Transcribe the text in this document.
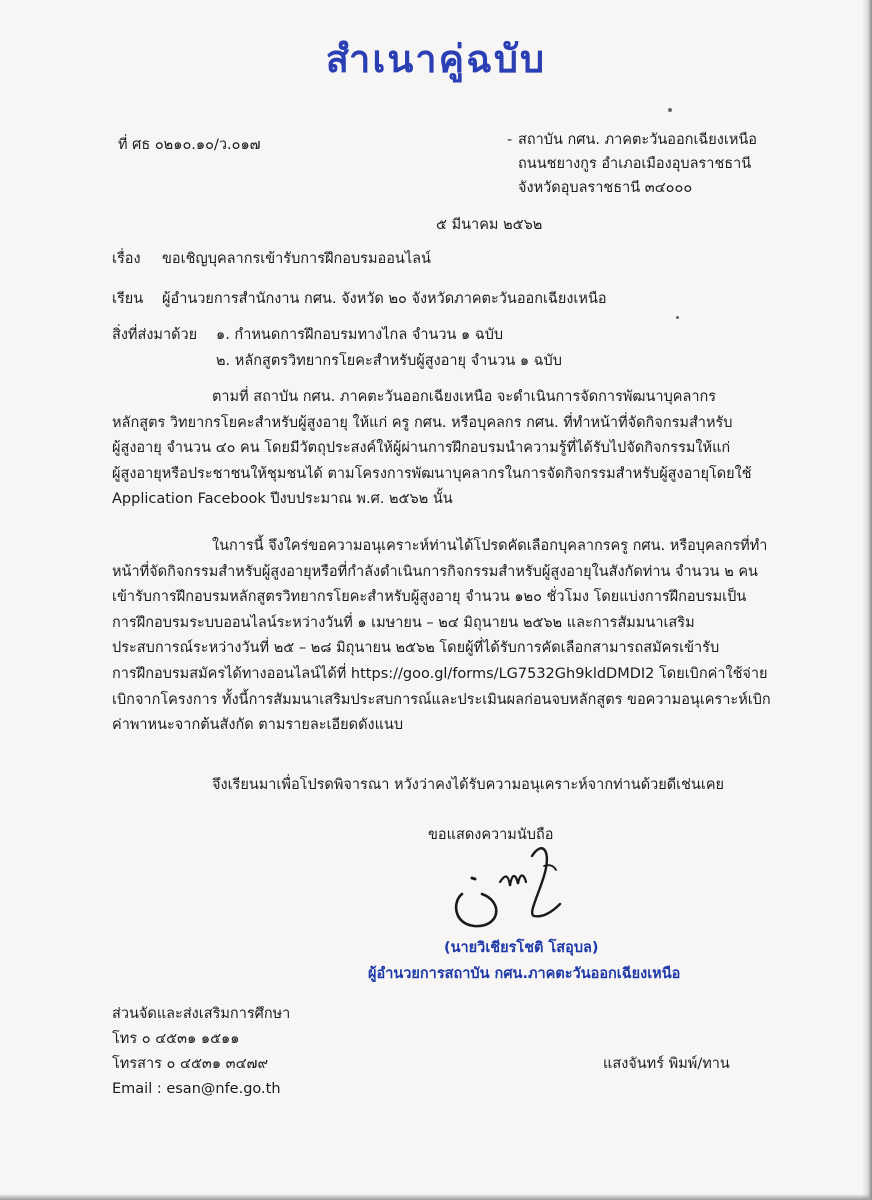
สำเนาคู่ฉบับ
ที่ ศธ ๐๒๑๐.๑๐/ว.๐๑๗	- สถาบัน กศน. ภาคตะวันออกเฉียงเหนือ
ถนนชยางกูร อำเภอเมืองอุบลราชธานี
จังหวัดอุบลราชธานี ๓๔๐๐๐
๕ มีนาคม ๒๕๖๒
เรื่อง ขอเชิญบุคลากรเข้ารับการฝึกอบรมออนไลน์
เรียน ผู้อำนวยการสำนักงาน กศน. จังหวัด ๒๐ จังหวัดภาคตะวันออกเฉียงเหนือ
สิ่งที่ส่งมาด้วย ๑. กำหนดการฝึกอบรมทางไกล จำนวน ๑ ฉบับ
๒. หลักสูตรวิทยากรโยคะสำหรับผู้สูงอายุ จำนวน ๑ ฉบับ
ตามที่ สถาบัน กศน. ภาคตะวันออกเฉียงเหนือ จะดำเนินการจัดการพัฒนาบุคลากร
หลักสูตร วิทยากรโยคะสำหรับผู้สูงอายุ ให้แก่ ครู กศน. หรือบุคลกร กศน. ที่ทำหน้าที่จัดกิจกรมสำหรับ
ผู้สูงอายุ จำนวน ๔๐ คน โดยมีวัตถุประสงค์ให้ผู้ผ่านการฝึกอบรมนำความรู้ที่ได้รับไปจัดกิจกรรมให้แก่
ผู้สูงอายุหรือประชาชนให้ชุมชนได้ ตามโครงการพัฒนาบุคลากรในการจัดกิจกรรมสำหรับผู้สูงอายุโดยใช้
Application Facebook ปีงบประมาณ พ.ศ. ๒๕๖๒ นั้น
ในการนี้ จึงใคร่ขอความอนุเคราะห์ท่านได้โปรดคัดเลือกบุคลากรครู กศน. หรือบุคลกรที่ทำ
หน้าที่จัดกิจกรรมสำหรับผู้สูงอายุหรือที่กำลังดำเนินการกิจกรรมสำหรับผู้สูงอายุในสังกัดท่าน จำนวน ๒ คน
เข้ารับการฝึกอบรมหลักสูตรวิทยากรโยคะสำหรับผู้สูงอายุ จำนวน ๑๒๐ ชั่วโมง โดยแบ่งการฝึกอบรมเป็น
การฝึกอบรมระบบออนไลน์ระหว่างวันที่ ๑ เมษายน – ๒๔ มิถุนายน ๒๕๖๒ และการสัมมนาเสริม
ประสบการณ์ระหว่างวันที่ ๒๕ – ๒๘ มิถุนายน ๒๕๖๒ โดยผู้ที่ได้รับการคัดเลือกสามารถสมัครเข้ารับ
การฝึกอบรมสมัครได้ทางออนไลน์ได้ที่ https://goo.gl/forms/LG7532Gh9kldDMDI2 โดยเบิกค่าใช้จ่าย
เบิกจากโครงการ ทั้งนี้การสัมมนาเสริมประสบการณ์และประเมินผลก่อนจบหลักสูตร ขอความอนุเคราะห์เบิก
ค่าพาหนะจากต้นสังกัด ตามรายละเอียดดังแนบ
จึงเรียนมาเพื่อโปรดพิจารณา หวังว่าคงได้รับความอนุเคราะห์จากท่านด้วยดีเช่นเคย
ขอแสดงความนับถือ
(นายวิเชียรโชติ โสอุบล)
ผู้อำนวยการสถาบัน กศน.ภาคตะวันออกเฉียงเหนือ
ส่วนจัดและส่งเสริมการศึกษา
โทร ๐ ๔๕๓๑ ๑๕๑๑
โทรสาร ๐ ๔๕๓๑ ๓๔๗๙
Email : esan@nfe.go.th
แสงจันทร์ พิมพ์/ทาน
